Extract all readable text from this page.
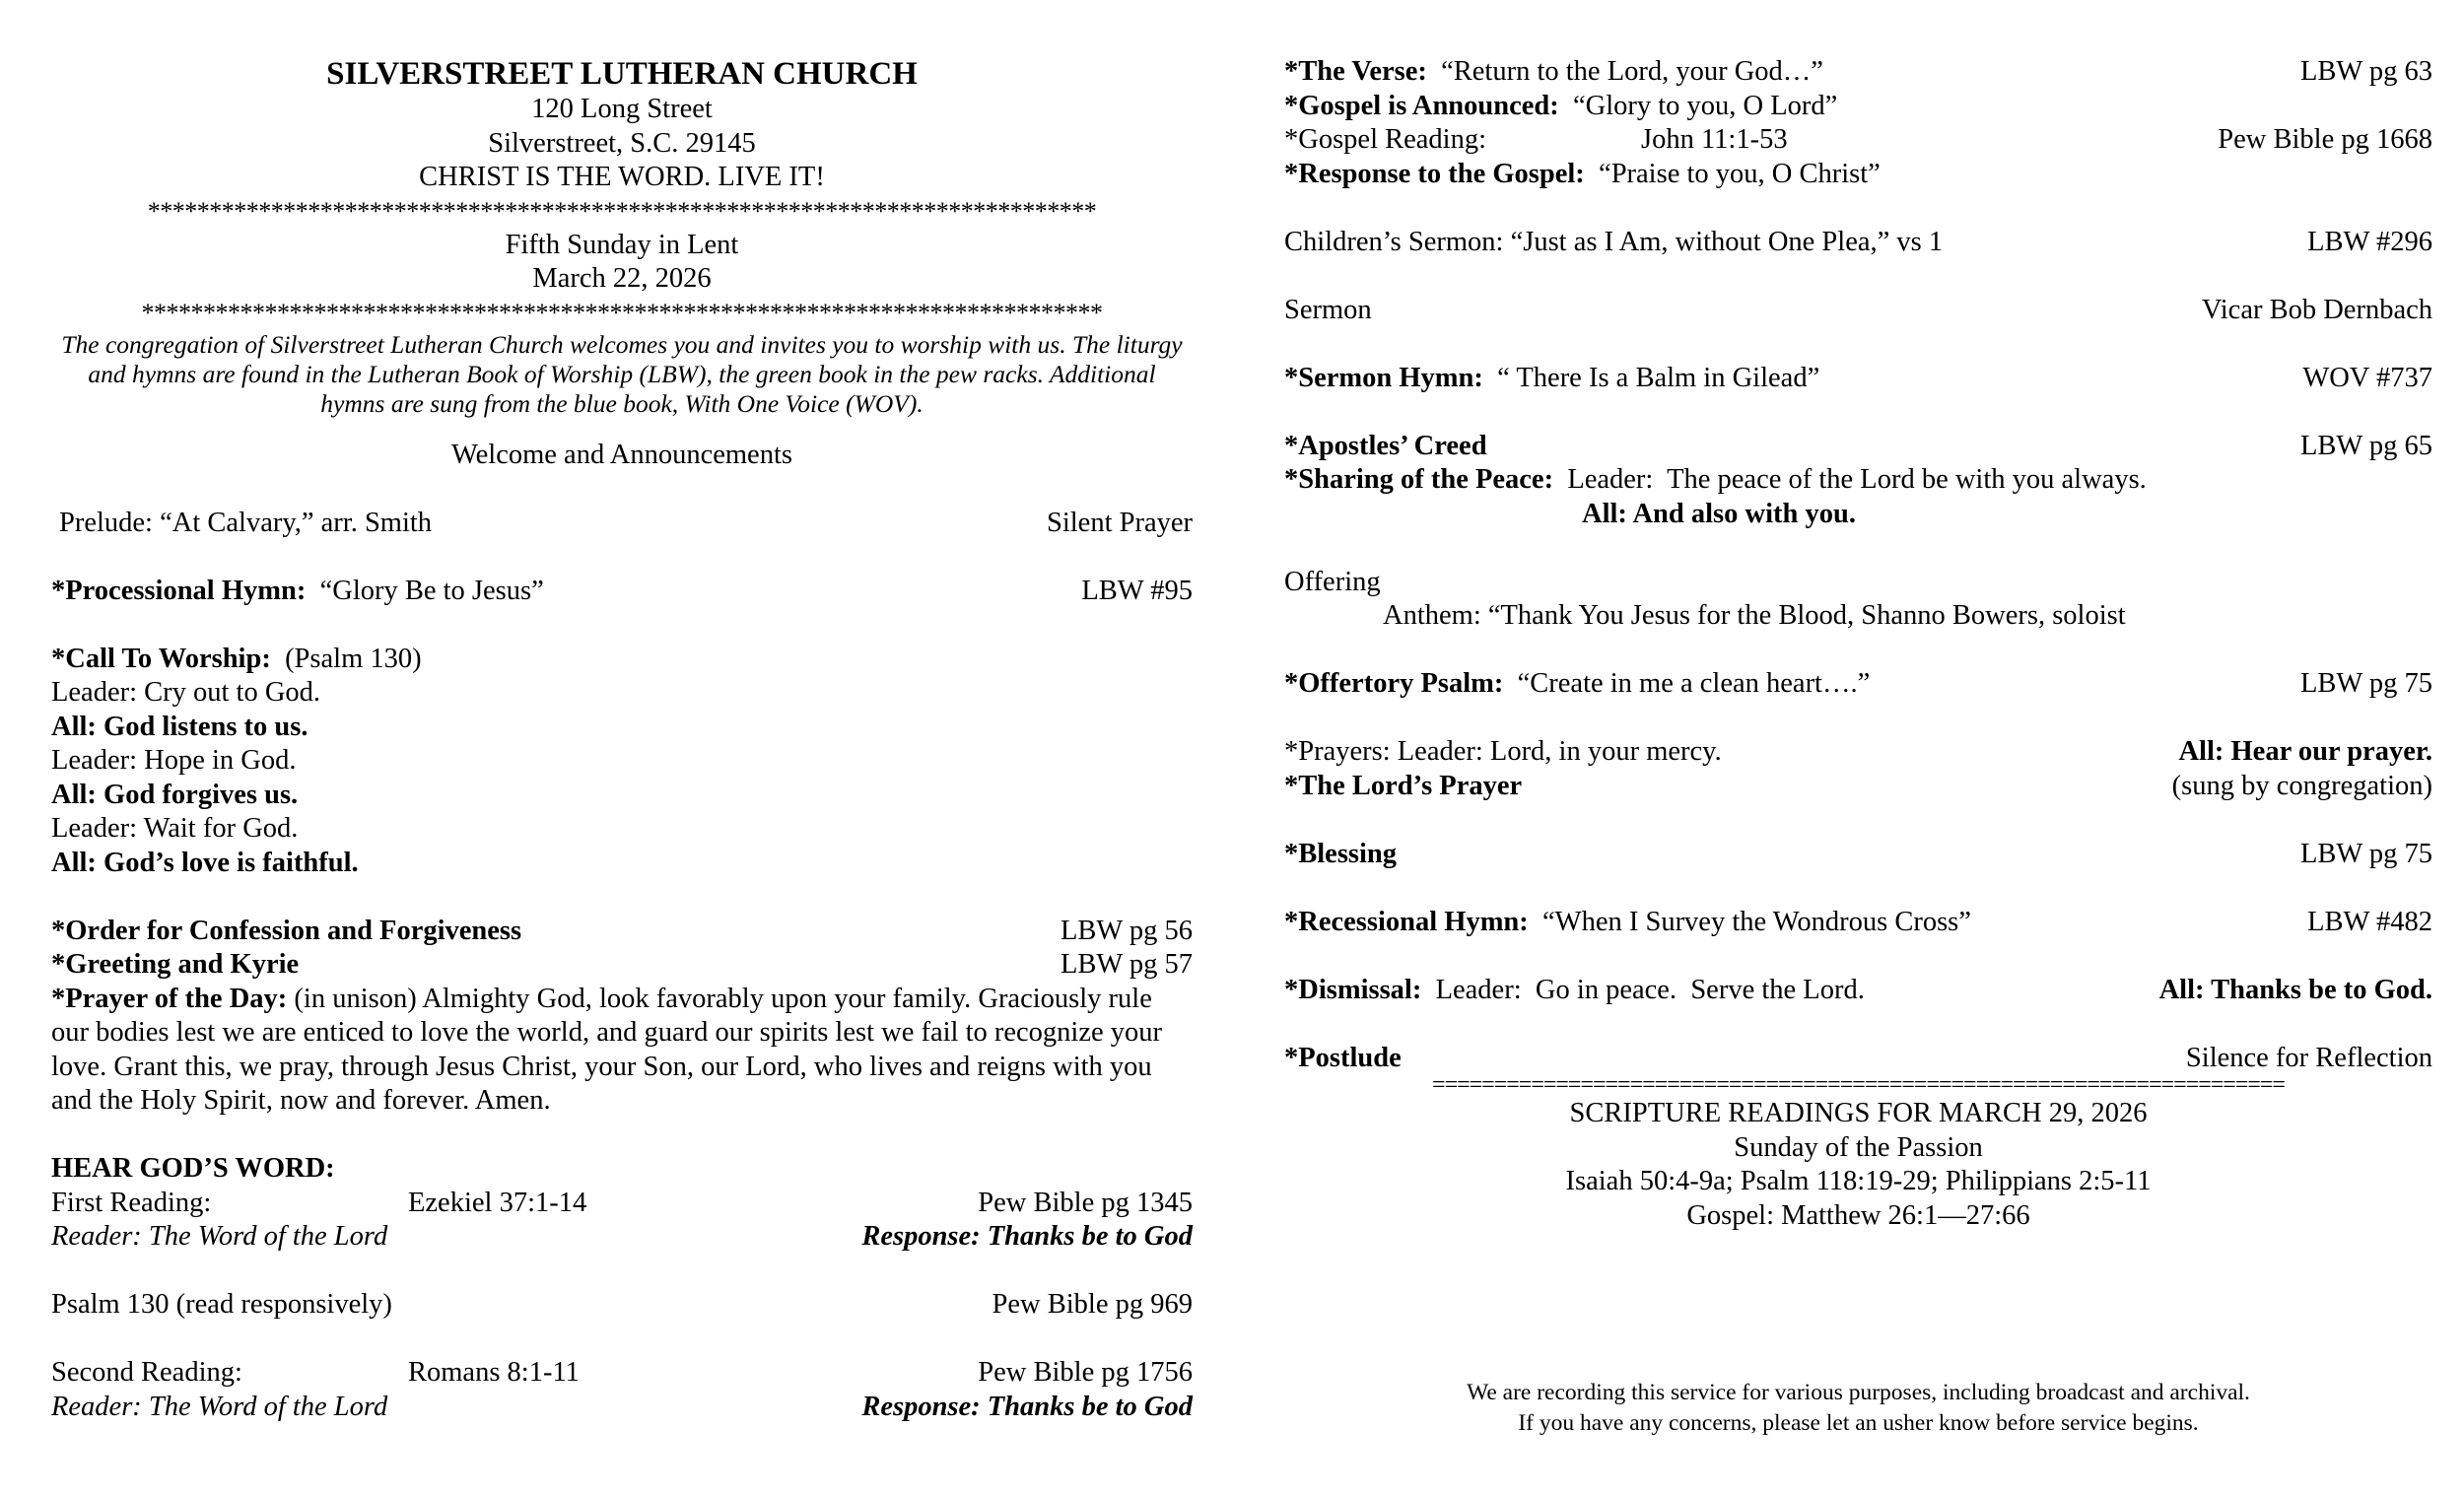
SILVERSTREET LUTHERAN CHURCH
120 Long Street
Silverstreet, S.C. 29145
CHRIST IS THE WORD. LIVE IT!
*****************************************************************************
Fifth Sunday in Lent
March 22, 2026
******************************************************************************
The congregation of Silverstreet Lutheran Church welcomes you and invites you to worship with us. The liturgy and hymns are found in the Lutheran Book of Worship (LBW), the green book in the pew racks. Additional hymns are sung from the blue book, With One Voice (WOV).
Welcome and Announcements
Prelude: “At Calvary,” arr. Smith	Silent Prayer
*Processional Hymn:  “Glory Be to Jesus”	LBW #95
*Call To Worship:  (Psalm 130)
Leader: Cry out to God.
All: God listens to us.
Leader: Hope in God.
All: God forgives us.
Leader: Wait for God.
All: God’s love is faithful.
*Order for Confession and Forgiveness	LBW pg 56
*Greeting and Kyrie	LBW pg 57
*Prayer of the Day: (in unison) Almighty God, look favorably upon your family. Graciously rule our bodies lest we are enticed to love the world, and guard our spirits lest we fail to recognize your love. Grant this, we pray, through Jesus Christ, your Son, our Lord, who lives and reigns with you and the Holy Spirit, now and forever. Amen.
HEAR GOD’S WORD:
First Reading:	Ezekiel 37:1-14	Pew Bible pg 1345
Reader: The Word of the Lord	Response: Thanks be to God
Psalm 130 (read responsively)	Pew Bible pg 969
Second Reading:	Romans 8:1-11	Pew Bible pg 1756
Reader: The Word of the Lord	Response: Thanks be to God
*The Verse:  “Return to the Lord, your God…”	LBW pg 63
*Gospel is Announced:  “Glory to you, O Lord”
*Gospel Reading:	John 11:1-53	Pew Bible pg 1668
*Response to the Gospel:  “Praise to you, O Christ”
Children’s Sermon: “Just as I Am, without One Plea,” vs 1	LBW #296
Sermon	Vicar Bob Dernbach
*Sermon Hymn:  “ There Is a Balm in Gilead”	WOV #737
*Apostles’ Creed	LBW pg 65
*Sharing of the Peace:  Leader:  The peace of the Lord be with you always.
All: And also with you.
Offering
Anthem: “Thank You Jesus for the Blood, Shanno Bowers, soloist
*Offertory Psalm:  “Create in me a clean heart….”	LBW pg 75
*Prayers: Leader: Lord, in your mercy.	All: Hear our prayer.
*The Lord’s Prayer	(sung by congregation)
*Blessing	LBW pg 75
*Recessional Hymn:  “When I Survey the Wondrous Cross”	LBW #482
*Dismissal:  Leader:  Go in peace.  Serve the Lord.	All: Thanks be to God.
*Postlude	Silence for Reflection
=====================================================================
SCRIPTURE READINGS FOR MARCH 29, 2026
Sunday of the Passion
Isaiah 50:4-9a; Psalm 118:19-29; Philippians 2:5-11
Gospel: Matthew 26:1—27:66
We are recording this service for various purposes, including broadcast and archival.
If you have any concerns, please let an usher know before service begins.
